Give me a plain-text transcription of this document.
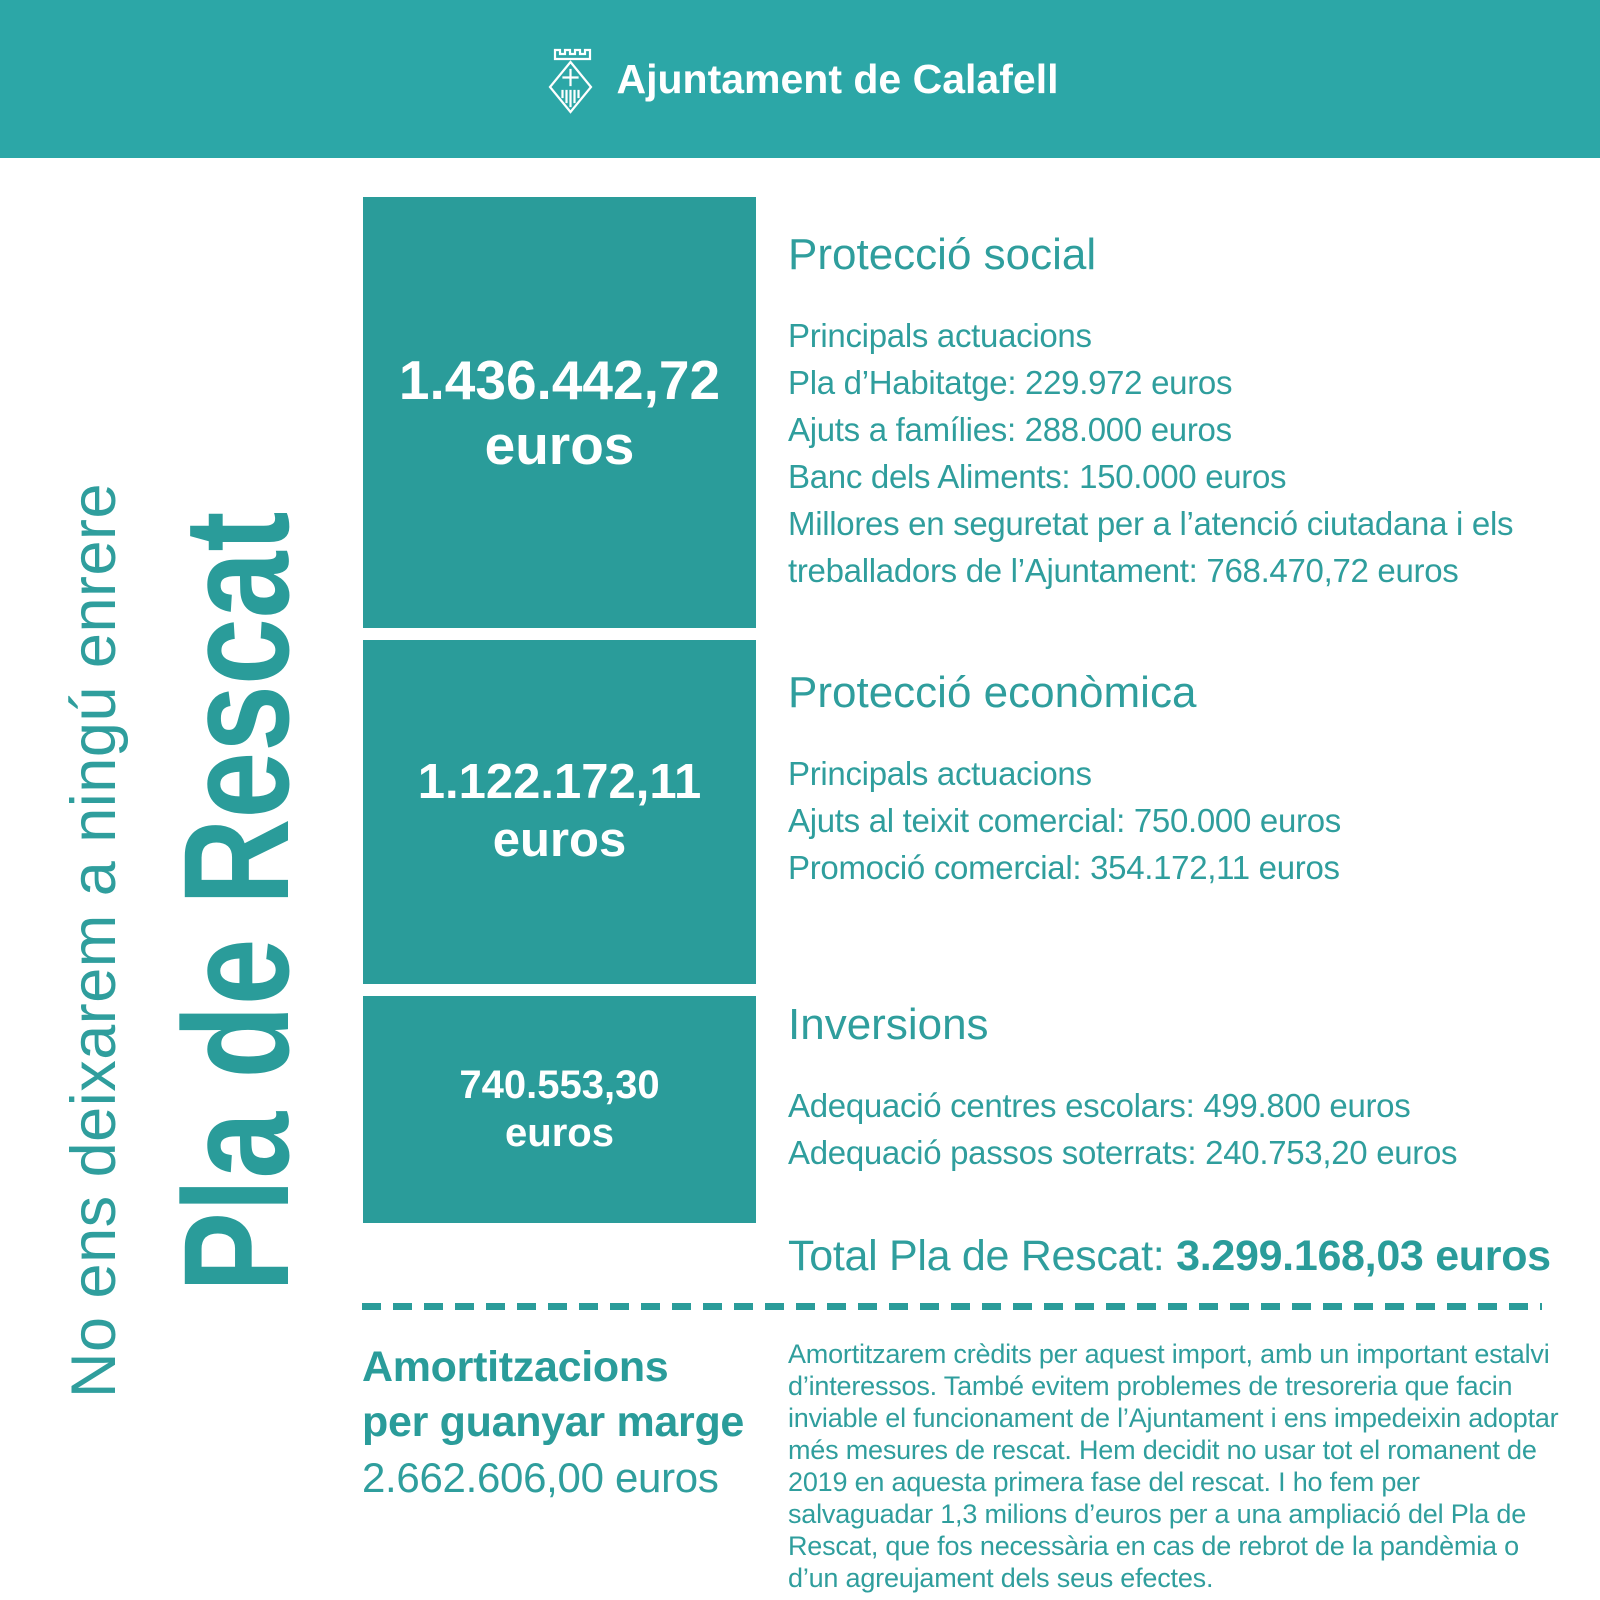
Ajuntament de Calafell
No ens deixarem a ningú enrere Pla de Rescat
1.436.442,72
euros
1.122.172,11
euros
740.553,30
euros
Protecció social
Principals actuacions
Pla d’Habitatge: 229.972 euros
Ajuts a famílies: 288.000 euros
Banc dels Aliments: 150.000 euros
Millores en seguretat per a l’atenció ciutadana i els treballadors de l’Ajuntament: 768.470,72 euros
Protecció econòmica
Principals actuacions
Ajuts al teixit comercial: 750.000 euros
Promoció comercial: 354.172,11 euros
Inversions
Adequació centres escolars: 499.800 euros
Adequació passos soterrats: 240.753,20 euros
Total Pla de Rescat: 3.299.168,03 euros
Amortitzacions
per guanyar marge
2.662.606,00 euros
Amortitzarem crèdits per aquest import, amb un important estalvi d’interessos. També evitem problemes de tresoreria que facin inviable el funcionament de l’Ajuntament i ens impedeixin adoptar més mesures de rescat. Hem decidit no usar tot el romanent de 2019 en aquesta primera fase del rescat. I ho fem per salvaguadar 1,3 milions d’euros per a una ampliació del Pla de Rescat, que fos necessària en cas de rebrot de la pandèmia o d’un agreujament dels seus efectes.
